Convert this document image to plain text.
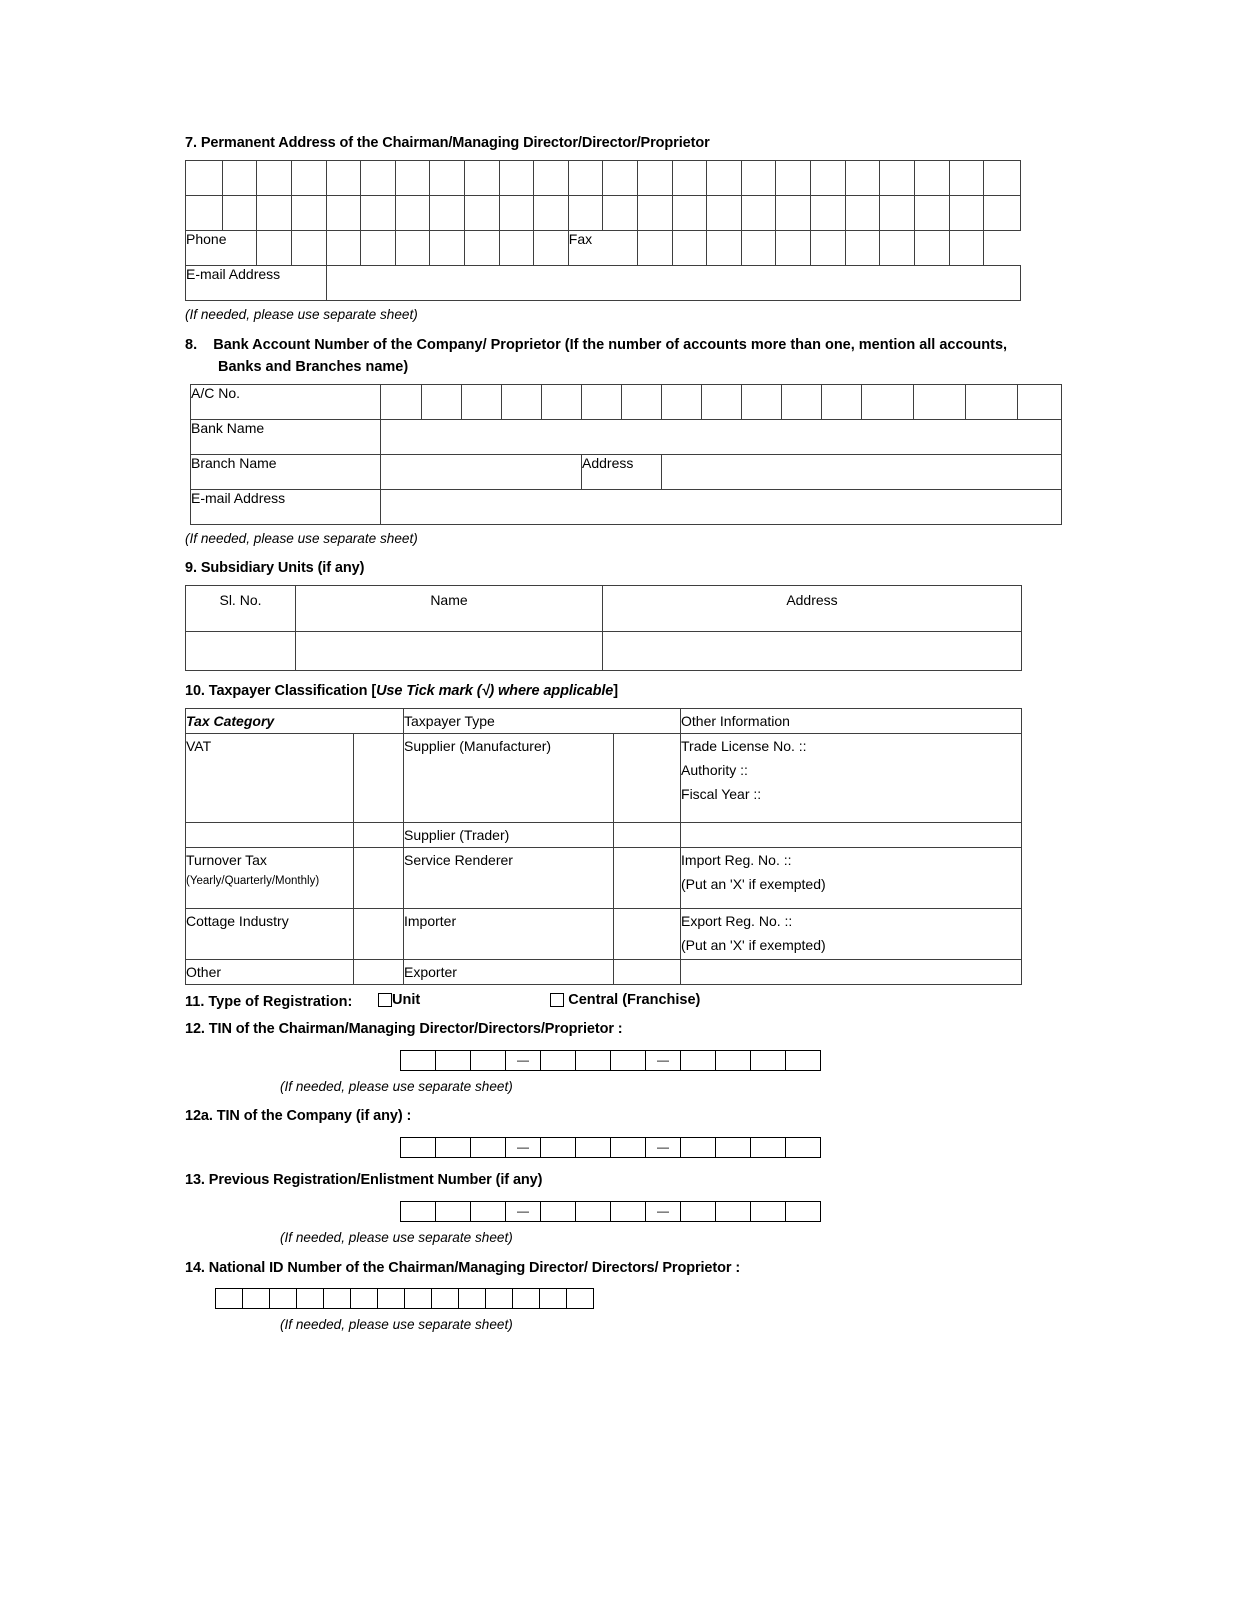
7. Permanent Address of the Chairman/Managing Director/Director/Proprietor

Phone											Fax												
E-mail Address																							
(If needed, please use separate sheet)
8. Bank Account Number of the Company/ Proprietor (If the number of accounts more than one, mention all accounts, Banks and Branches name)
A/C No.																
Bank Name																
Branch Name						Address										
E-mail Address																
(If needed, please use separate sheet)
9. Subsidiary Units (if any)
Sl. No.	Name	Address

10. Taxpayer Classification [Use Tick mark (√) where applicable]
Tax Category		Taxpayer Type		Other Information
VAT		Supplier (Manufacturer)		Trade License No. ::
Authority ::
Fiscal Year ::
		Supplier (Trader)		
Turnover Tax
(Yearly/Quarterly/Monthly)		Service Renderer		Import Reg. No. ::
(Put an 'X' if exempted)
Cottage Industry		Importer		Export Reg. No. ::
(Put an 'X' if exempted)
Other		Exporter		
11. Type of Registration:	Unit
	Central (Franchise)
12. TIN of the Chairman/Managing Director/Directors/Proprietor :
			—				—				
(If needed, please use separate sheet)
12a. TIN of the Company (if any) :
			—				—				
13. Previous Registration/Enlistment Number (if any)
			—				—				
(If needed, please use separate sheet)
14. National ID Number of the Chairman/Managing Director/ Directors/ Proprietor :

(If needed, please use separate sheet)
